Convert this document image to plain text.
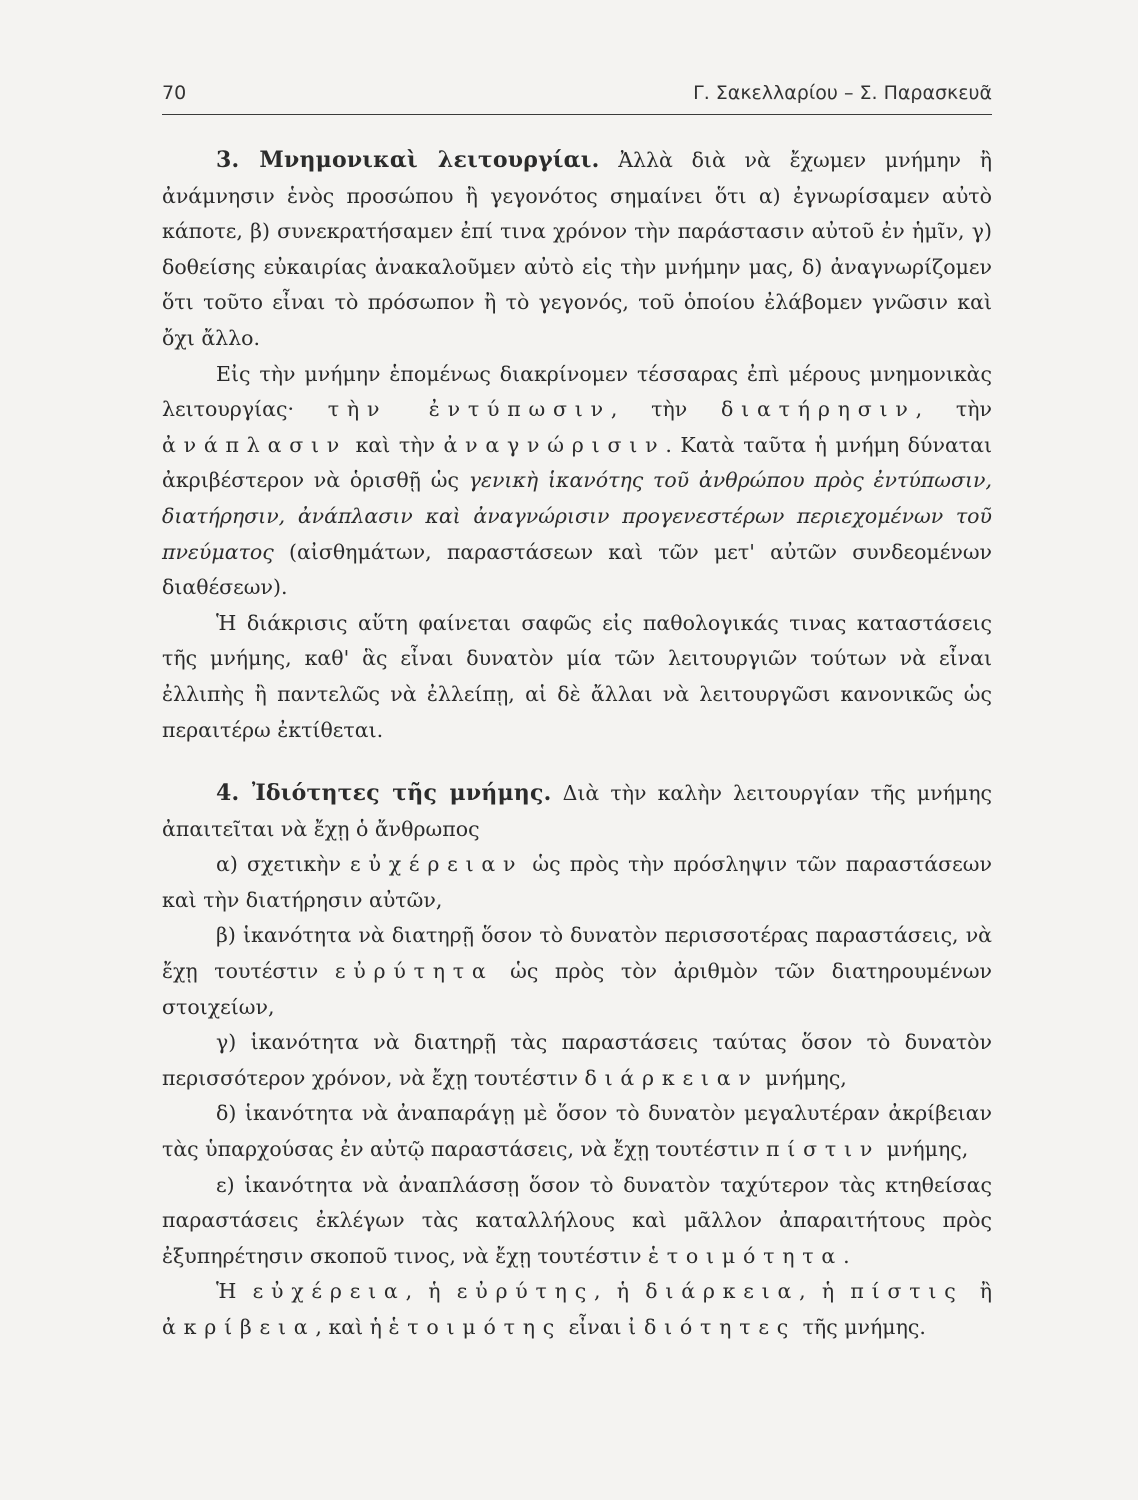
70	Γ. Σακελλαρίου – Σ. Παρασκευᾶ

3. Μνημονικαὶ λειτουργίαι. Ἀλλὰ διὰ νὰ ἔχωμεν μνήμην ἢ ἀνάμνησιν ἑνὸς προσώπου ἢ γεγονότος σημαίνει ὅτι α) ἐγνωρίσαμεν αὐτὸ κάποτε, β) συνεκρατήσαμεν ἐπί τινα χρόνον τὴν παράστασιν αὐτοῦ ἐν ἡμῖν, γ) δοθείσης εὐκαιρίας ἀνακαλοῦμεν αὐτὸ εἰς τὴν μνήμην μας, δ) ἀναγνωρίζομεν ὅτι τοῦτο εἶναι τὸ πρόσωπον ἢ τὸ γεγονός, τοῦ ὁποίου ἐλάβομεν γνῶσιν καὶ ὄχι ἄλλο.

Εἰς τὴν μνήμην ἑπομένως διακρίνομεν τέσσαρας ἐπὶ μέρους μνημονικὰς λειτουργίας· τὴν ἐντύπωσιν, τὴν διατήρησιν, τὴν ἀνάπλασιν καὶ τὴν ἀναγνώρισιν. Κατὰ ταῦτα ἡ μνήμη δύναται ἀκριβέστερον νὰ ὁρισθῇ ὡς γενικὴ ἱκανότης τοῦ ἀνθρώπου πρὸς ἐντύπωσιν, διατήρησιν, ἀνάπλασιν καὶ ἀναγνώρισιν προγενεστέρων περιεχομένων τοῦ πνεύματος (αἰσθημάτων, παραστάσεων καὶ τῶν μετ' αὐτῶν συνδεομένων διαθέσεων).

Ἡ διάκρισις αὕτη φαίνεται σαφῶς εἰς παθολογικάς τινας καταστάσεις τῆς μνήμης, καθ' ἃς εἶναι δυνατὸν μία τῶν λειτουργιῶν τούτων νὰ εἶναι ἐλλιπὴς ἢ παντελῶς νὰ ἐλλείπῃ, αἱ δὲ ἄλλαι νὰ λειτουργῶσι κανονικῶς ὡς περαιτέρω ἐκτίθεται.

4. Ἰδιότητες τῆς μνήμης. Διὰ τὴν καλὴν λειτουργίαν τῆς μνήμης ἀπαιτεῖται νὰ ἔχῃ ὁ ἄνθρωπος

α) σχετικὴν εὐχέρειαν ὡς πρὸς τὴν πρόσληψιν τῶν παραστάσεων καὶ τὴν διατήρησιν αὐτῶν,

β) ἱκανότητα νὰ διατηρῇ ὅσον τὸ δυνατὸν περισσοτέρας παραστάσεις, νὰ ἔχῃ τουτέστιν εὐρύτητα ὡς πρὸς τὸν ἀριθμὸν τῶν διατηρουμένων στοιχείων,

γ) ἱκανότητα νὰ διατηρῇ τὰς παραστάσεις ταύτας ὅσον τὸ δυνατὸν περισσότερον χρόνον, νὰ ἔχῃ τουτέστιν διάρκειαν μνήμης,

δ) ἱκανότητα νὰ ἀναπαράγῃ μὲ ὅσον τὸ δυνατὸν μεγαλυτέραν ἀκρίβειαν τὰς ὑπαρχούσας ἐν αὐτῷ παραστάσεις, νὰ ἔχῃ τουτέστιν πίστιν μνήμης,

ε) ἱκανότητα νὰ ἀναπλάσσῃ ὅσον τὸ δυνατὸν ταχύτερον τὰς κτηθείσας παραστάσεις ἐκλέγων τὰς καταλλήλους καὶ μᾶλλον ἀπαραιτήτους πρὸς ἐξυπηρέτησιν σκοποῦ τινος, νὰ ἔχῃ τουτέστιν ἑτοιμότητα.

Ἡ εὐχέρεια, ἡ εὐρύτης, ἡ διάρκεια, ἡ πίστις ἢ ἀκρίβεια, καὶ ἡ ἑτοιμότης εἶναι ἰδιότητες τῆς μνήμης.
